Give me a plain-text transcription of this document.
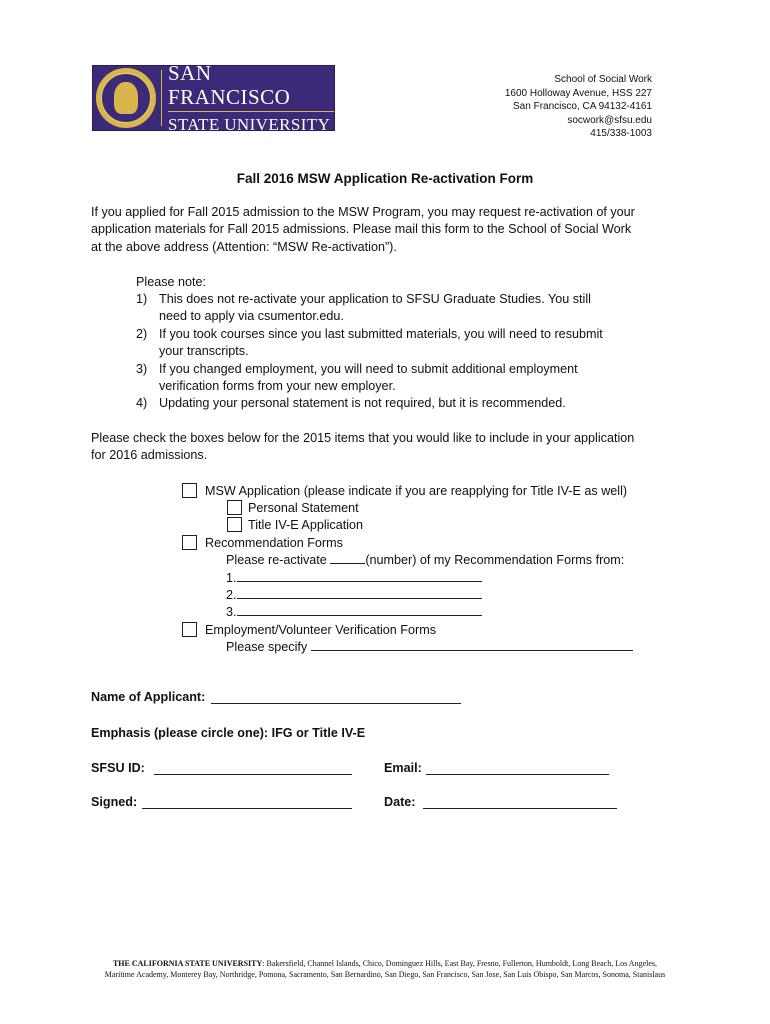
SAN FRANCISCO
STATE UNIVERSITY
School of Social Work
1600 Holloway Avenue, HSS 227
San Francisco, CA 94132-4161
socwork@sfsu.edu
415/338-1003
Fall 2016 MSW Application Re-activation Form
If you applied for Fall 2015 admission to the MSW Program, you may request re-activation of your application materials for Fall 2015 admissions. Please mail this form to the School of Social Work at the above address (Attention: “MSW Re-activation”).
Please note:
1) This does not re-activate your application to SFSU Graduate Studies. You still need to apply via csumentor.edu.
2) If you took courses since you last submitted materials, you will need to resubmit your transcripts.
3) If you changed employment, you will need to submit additional employment verification forms from your new employer.
4) Updating your personal statement is not required, but it is recommended.
Please check the boxes below for the 2015 items that you would like to include in your application for 2016 admissions.
MSW Application (please indicate if you are reapplying for Title IV-E as well)
Personal Statement
Title IV-E Application
Recommendation Forms
Please re-activate	(number) of my Recommendation Forms from:
1.
2.
3.
Employment/Volunteer Verification Forms
Please specify
Name of Applicant:
Emphasis (please circle one): IFG or Title IV-E
SFSU ID:	Email:
Signed:	Date:
THE CALIFORNIA STATE UNIVERSITY: Bakersfield, Channel Islands, Chico, Dominguez Hills, East Bay, Fresno, Fullerton, Humboldt, Long Beach, Los Angeles,
Maritime Academy, Monterey Bay, Northridge, Pomona, Sacramento, San Bernardino, San Diego, San Francisco, San Jose, San Luis Obispo, San Marcos, Sonoma, Stanislaus
